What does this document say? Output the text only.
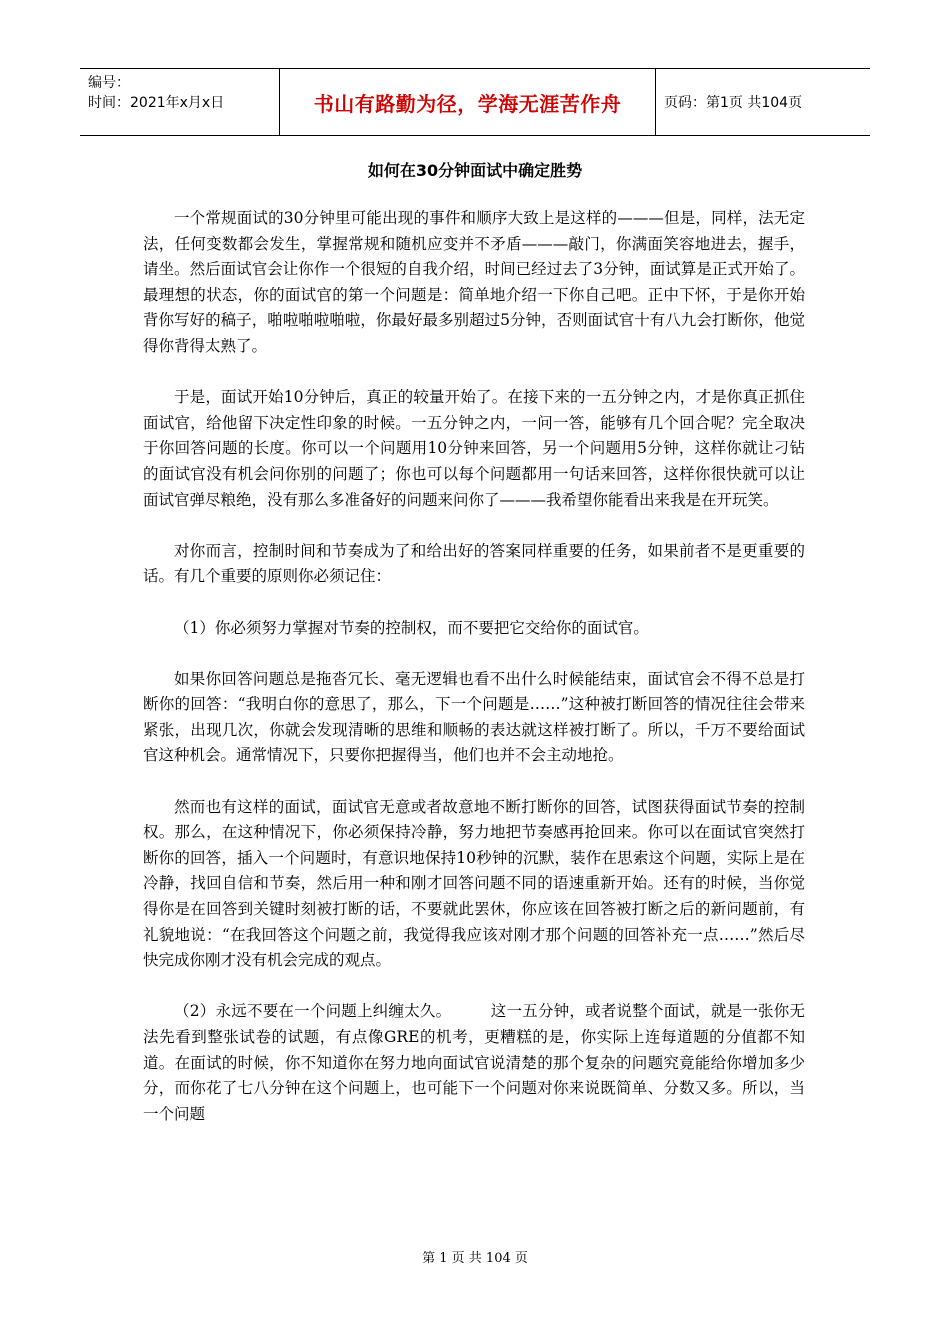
编号：
时间：2021年x月x日	书山有路勤为径，学海无涯苦作舟	页码：第1页 共104页
如何在30分钟面试中确定胜势

一个常规面试的30分钟里可能出现的事件和顺序大致上是这样的———但是，同样，法无定法，任何变数都会发生，掌握常规和随机应变并不矛盾———敲门，你满面笑容地进去，握手，请坐。然后面试官会让你作一个很短的自我介绍，时间已经过去了3分钟，面试算是正式开始了。最理想的状态，你的面试官的第一个问题是：简单地介绍一下你自己吧。正中下怀，于是你开始背你写好的稿子，啪啦啪啦啪啦，你最好最多别超过5分钟，否则面试官十有八九会打断你，他觉得你背得太熟了。

于是，面试开始10分钟后，真正的较量开始了。在接下来的一五分钟之内，才是你真正抓住面试官，给他留下决定性印象的时候。一五分钟之内，一问一答，能够有几个回合呢？完全取决于你回答问题的长度。你可以一个问题用10分钟来回答，另一个问题用5分钟，这样你就让刁钻的面试官没有机会问你别的问题了；你也可以每个问题都用一句话来回答，这样你很快就可以让面试官弹尽粮绝，没有那么多准备好的问题来问你了———我希望你能看出来我是在开玩笑。

对你而言，控制时间和节奏成为了和给出好的答案同样重要的任务，如果前者不是更重要的话。有几个重要的原则你必须记住：

（1）你必须努力掌握对节奏的控制权，而不要把它交给你的面试官。

如果你回答问题总是拖沓冗长、毫无逻辑也看不出什么时候能结束，面试官会不得不总是打断你的回答：“我明白你的意思了，那么，下一个问题是……”这种被打断回答的情况往往会带来紧张，出现几次，你就会发现清晰的思维和顺畅的表达就这样被打断了。所以，千万不要给面试官这种机会。通常情况下，只要你把握得当，他们也并不会主动地抢。

然而也有这样的面试，面试官无意或者故意地不断打断你的回答，试图获得面试节奏的控制权。那么，在这种情况下，你必须保持冷静，努力地把节奏感再抢回来。你可以在面试官突然打断你的回答，插入一个问题时，有意识地保持10秒钟的沉默，装作在思索这个问题，实际上是在冷静，找回自信和节奏，然后用一种和刚才回答问题不同的语速重新开始。还有的时候，当你觉得你是在回答到关键时刻被打断的话，不要就此罢休，你应该在回答被打断之后的新问题前，有礼貌地说：“在我回答这个问题之前，我觉得我应该对刚才那个问题的回答补充一点……”然后尽快完成你刚才没有机会完成的观点。

（2）永远不要在一个问题上纠缠太久。　　　这一五分钟，或者说整个面试，就是一张你无法先看到整张试卷的试题，有点像GRE的机考，更糟糕的是，你实际上连每道题的分值都不知道。在面试的时候，你不知道你在努力地向面试官说清楚的那个复杂的问题究竟能给你增加多少分，而你花了七八分钟在这个问题上，也可能下一个问题对你来说既简单、分数又多。所以，当一个问题

第 1 页 共 104 页
